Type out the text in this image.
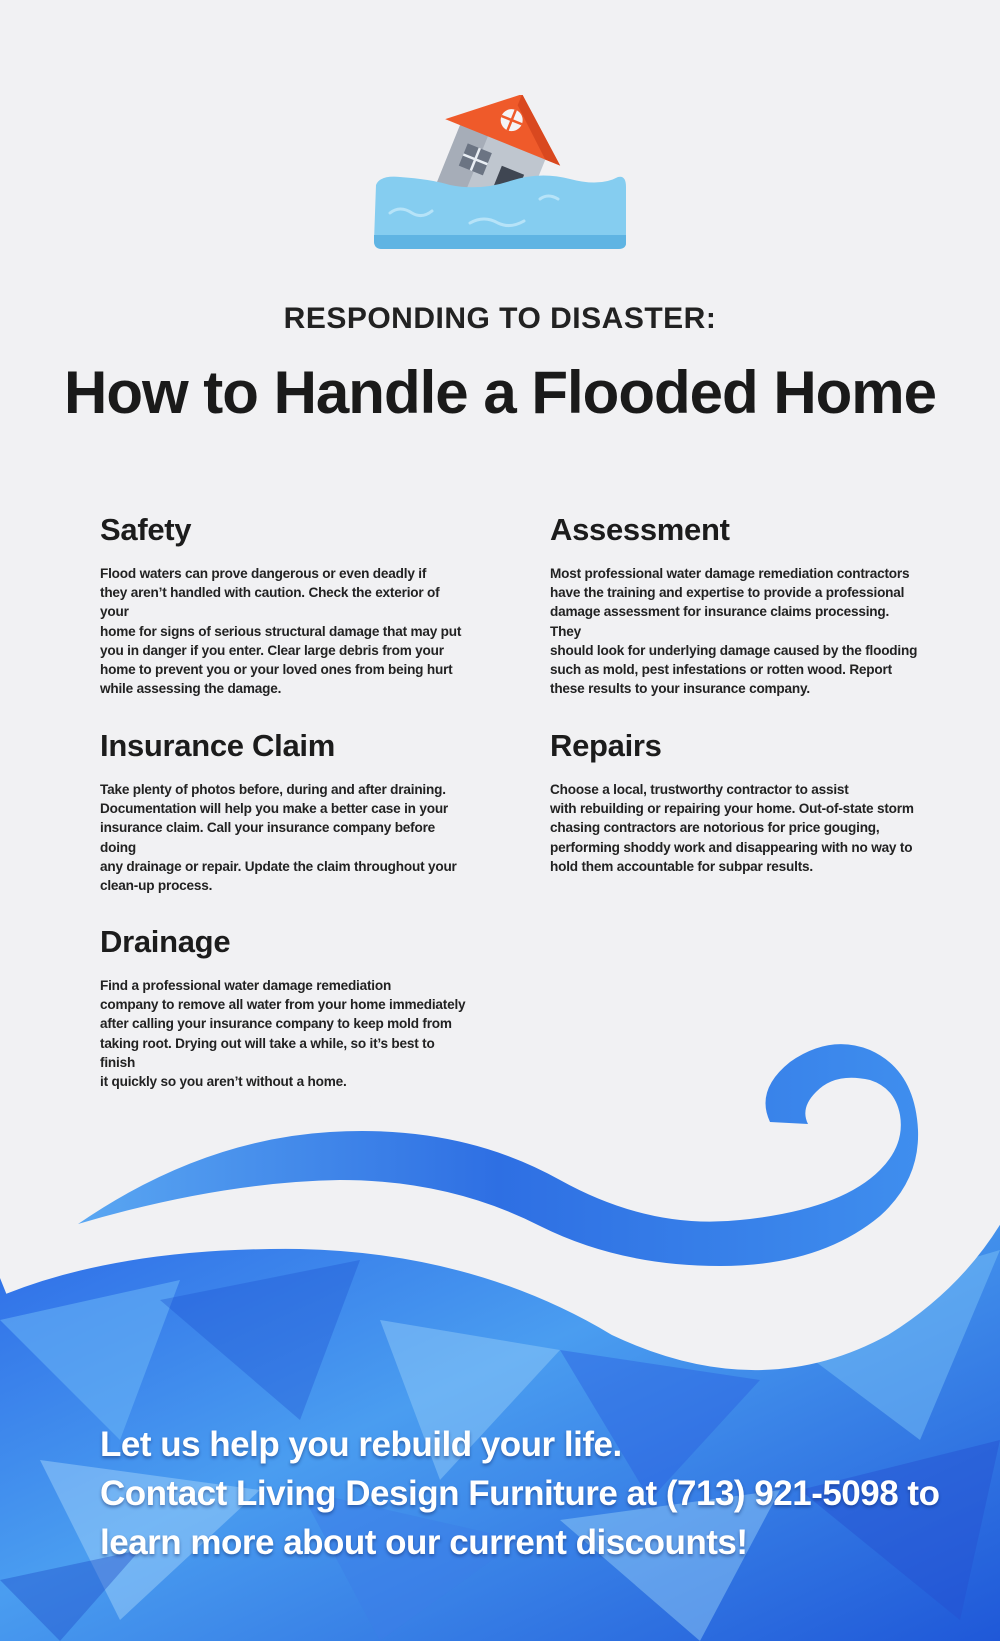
RESPONDING TO DISASTER:
How to Handle a Flooded Home
Safety

Flood waters can prove dangerous or even deadly if
they aren’t handled with caution. Check the exterior of your
home for signs of serious structural damage that may put
you in danger if you enter. Clear large debris from your
home to prevent you or your loved ones from being hurt
while assessing the damage.

Assessment

Most professional water damage remediation contractors
have the training and expertise to provide a professional
damage assessment for insurance claims processing. They
should look for underlying damage caused by the flooding
such as mold, pest infestations or rotten wood. Report
these results to your insurance company.

Insurance Claim

Take plenty of photos before, during and after draining.
Documentation will help you make a better case in your
insurance claim. Call your insurance company before doing
any drainage or repair. Update the claim throughout your
clean-up process.

Repairs

Choose a local, trustworthy contractor to assist
with rebuilding or repairing your home. Out-of-state storm
chasing contractors are notorious for price gouging,
performing shoddy work and disappearing with no way to
hold them accountable for subpar results.

Drainage

Find a professional water damage remediation
company to remove all water from your home immediately
after calling your insurance company to keep mold from
taking root. Drying out will take a while, so it’s best to finish
it quickly so you aren’t without a home.

Let us help you rebuild your life.
Contact Living Design Furniture at (713) 921-5098 to
learn more about our current discounts!
